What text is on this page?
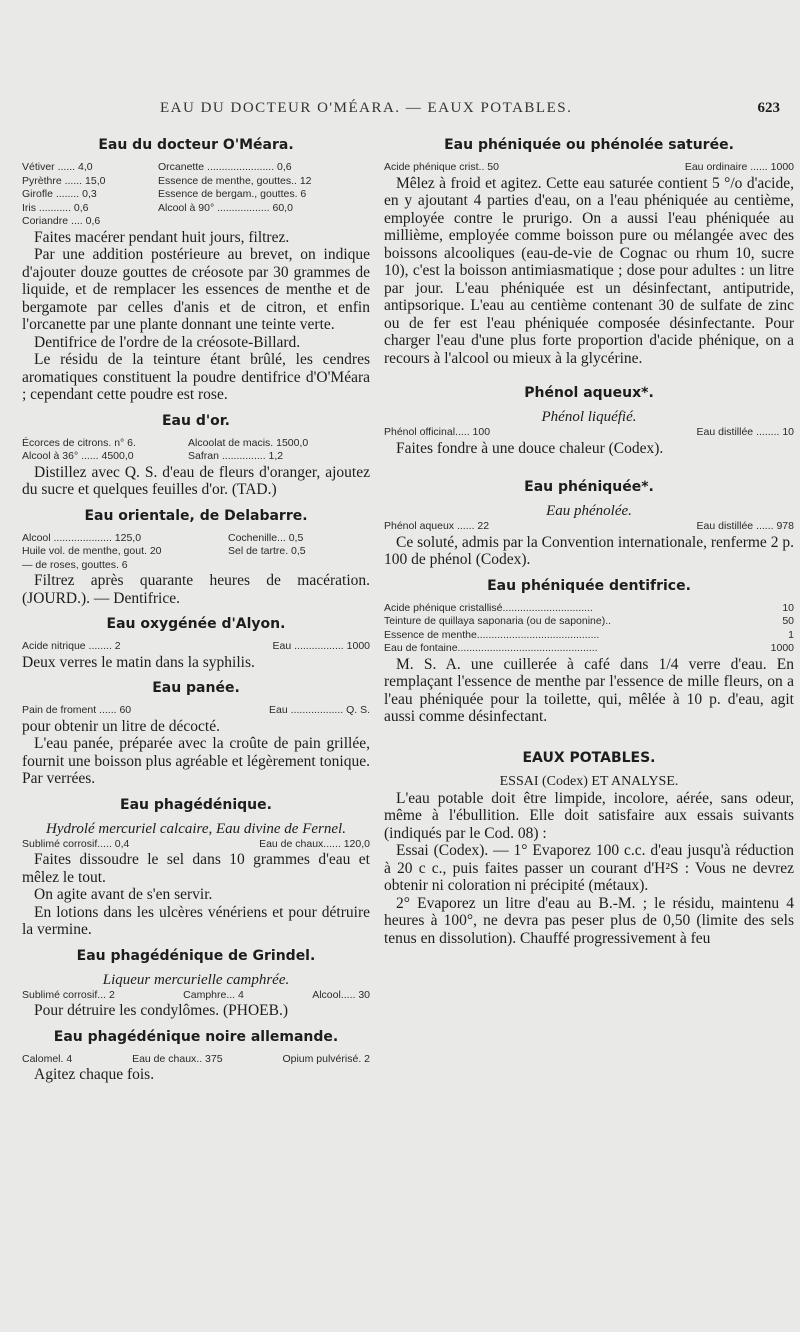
EAU DU DOCTEUR O'MÉARA. — EAUX POTABLES.	623
Eau du docteur O'Méara.
Vétiver ...... 4,0	Orcanette ....................... 0,6
Pyrèthre ...... 15,0	Essence de menthe, gouttes.. 12
Girofle ........ 0,3	Essence de bergam., gouttes. 6
Iris ........... 0,6	Alcool à 90° .................. 60,0
Coriandre .... 0,6

Faites macérer pendant huit jours, filtrez.

Par une addition postérieure au brevet, on indique d'ajouter douze gouttes de créosote par 30 grammes de liquide, et de remplacer les essences de menthe et de bergamote par celles d'anis et de citron, et enfin l'orcanette par une plante donnant une teinte verte.

Dentifrice de l'ordre de la créosote-Billard.

Le résidu de la teinture étant brûlé, les cendres aromatiques constituent la poudre dentifrice d'O'Méara ; cependant cette poudre est rose.

Eau d'or.
Écorces de citrons. n° 6.	Alcoolat de macis. 1500,0
Alcool à 36° ...... 4500,0	Safran ............... 1,2

Distillez avec Q. S. d'eau de fleurs d'oranger, ajoutez du sucre et quelques feuilles d'or. (TAD.)

Eau orientale, de Delabarre.
Alcool .................... 125,0	Cochenille... 0,5
Huile vol. de menthe, gout. 20	Sel de tartre. 0,5
— de roses, gouttes. 6

Filtrez après quarante heures de macération. (JOURD.). — Dentifrice.

Eau oxygénée d'Alyon.
Acide nitrique ........ 2	Eau ................. 1000

Deux verres le matin dans la syphilis.

Eau panée.
Pain de froment ...... 60	Eau .................. Q. S.

pour obtenir un litre de décocté.

L'eau panée, préparée avec la croûte de pain grillée, fournit une boisson plus agréable et légèrement tonique. Par verrées.

Eau phagédénique.
Hydrolé mercuriel calcaire, Eau divine de Fernel.
Sublimé corrosif..... 0,4	Eau de chaux...... 120,0

Faites dissoudre le sel dans 10 grammes d'eau et mêlez le tout.

On agite avant de s'en servir.

En lotions dans les ulcères vénériens et pour détruire la vermine.

Eau phagédénique de Grindel.
Liqueur mercurielle camphrée.
Sublimé corrosif... 2	Camphre... 4	Alcool..... 30

Pour détruire les condylômes. (PHOEB.)

Eau phagédénique noire allemande.
Calomel. 4	Eau de chaux.. 375	Opium pulvérisé. 2

Agitez chaque fois.

Eau phéniquée ou phénolée saturée.
Acide phénique crist.. 50	Eau ordinaire ...... 1000

Mêlez à froid et agitez. Cette eau saturée contient 5 °/o d'acide, en y ajoutant 4 parties d'eau, on a l'eau phéniquée au centième, employée contre le prurigo. On a aussi l'eau phéniquée au millième, employée comme boisson pure ou mélangée avec des boissons alcooliques (eau-de-vie de Cognac ou rhum 10, sucre 10), c'est la boisson antimiasmatique ; dose pour adultes : un litre par jour. L'eau phéniquée est un désinfectant, antiputride, antipsorique. L'eau au centième contenant 30 de sulfate de zinc ou de fer est l'eau phéniquée composée désinfectante. Pour charger l'eau d'une plus forte proportion d'acide phénique, on a recours à l'alcool ou mieux à la glycérine.

Phénol aqueux*.
Phénol liquéfié.
Phénol officinal..... 100	Eau distillée ........ 10

Faites fondre à une douce chaleur (Codex).

Eau phéniquée*.
Eau phénolée.
Phénol aqueux ...... 22	Eau distillée ...... 978

Ce soluté, admis par la Convention internationale, renferme 2 p. 100 de phénol (Codex).

Eau phéniquée dentifrice.
Acide phénique cristallisé...............................	10
Teinture de quillaya saponaria (ou de saponine)..	50
Essence de menthe..........................................	1
Eau de fontaine................................................	1000

M. S. A. une cuillerée à café dans 1/4 verre d'eau. En remplaçant l'essence de menthe par l'essence de mille fleurs, on a l'eau phéniquée pour la toilette, qui, mêlée à 10 p. d'eau, agit aussi comme désinfectant.

EAUX POTABLES.
ESSAI (Codex) ET ANALYSE.

L'eau potable doit être limpide, incolore, aérée, sans odeur, même à l'ébullition. Elle doit satisfaire aux essais suivants (indiqués par le Cod. 08) :

Essai (Codex). — 1° Evaporez 100 c.c. d'eau jusqu'à réduction à 20 c c., puis faites passer un courant d'H²S : Vous ne devrez obtenir ni coloration ni précipité (métaux).

2° Evaporez un litre d'eau au B.-M. ; le résidu, maintenu 4 heures à 100°, ne devra pas peser plus de 0,50 (limite des sels tenus en dissolution). Chauffé progressivement à feu
